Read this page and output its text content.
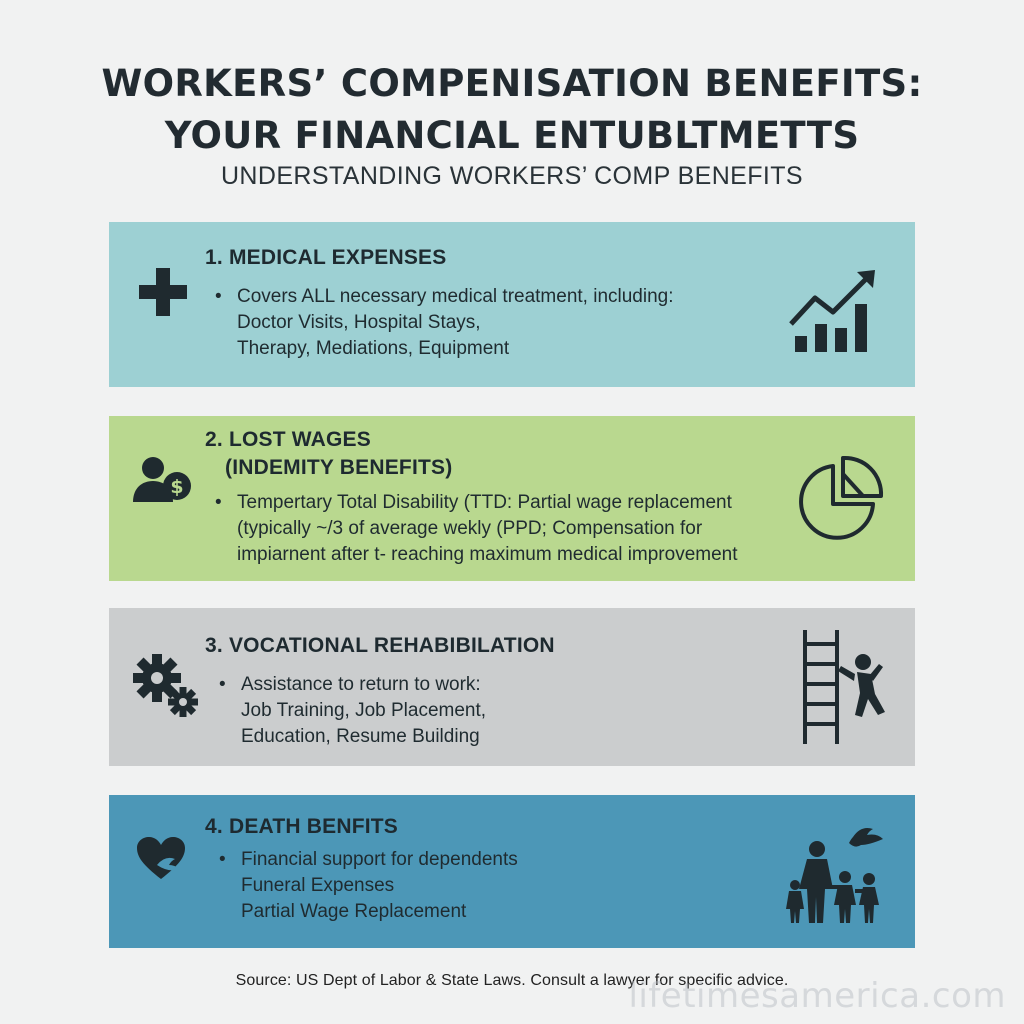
WORKERS’ COMPENISATION BENEFITS:
YOUR FINANCIAL ENTUBLTMETTS
UNDERSTANDING WORKERS’ COMP BENEFITS
1. MEDICAL EXPENSES
• Covers ALL necessary medical treatment, including:
Doctor Visits, Hospital Stays,
Therapy, Mediations, Equipment
$
2. LOST WAGES
(INDEMITY BENEFITS)
• Tempertary Total Disability (TTD: Partial wage replacement
(typically ~/3 of average wekly (PPD; Compensation for
impiarnent after t- reaching maximum medical improvement
3. VOCATIONAL REHABIBILATION
• Assistance to return to work:
Job Training, Job Placement,
Education, Resume Building
4. DEATH BENFITS
• Financial support for dependents
Funeral Expenses
Partial Wage Replacement
Source: US Dept of Labor & State Laws. Consult a lawyer for specific advice.
lifetimesamerica.com
